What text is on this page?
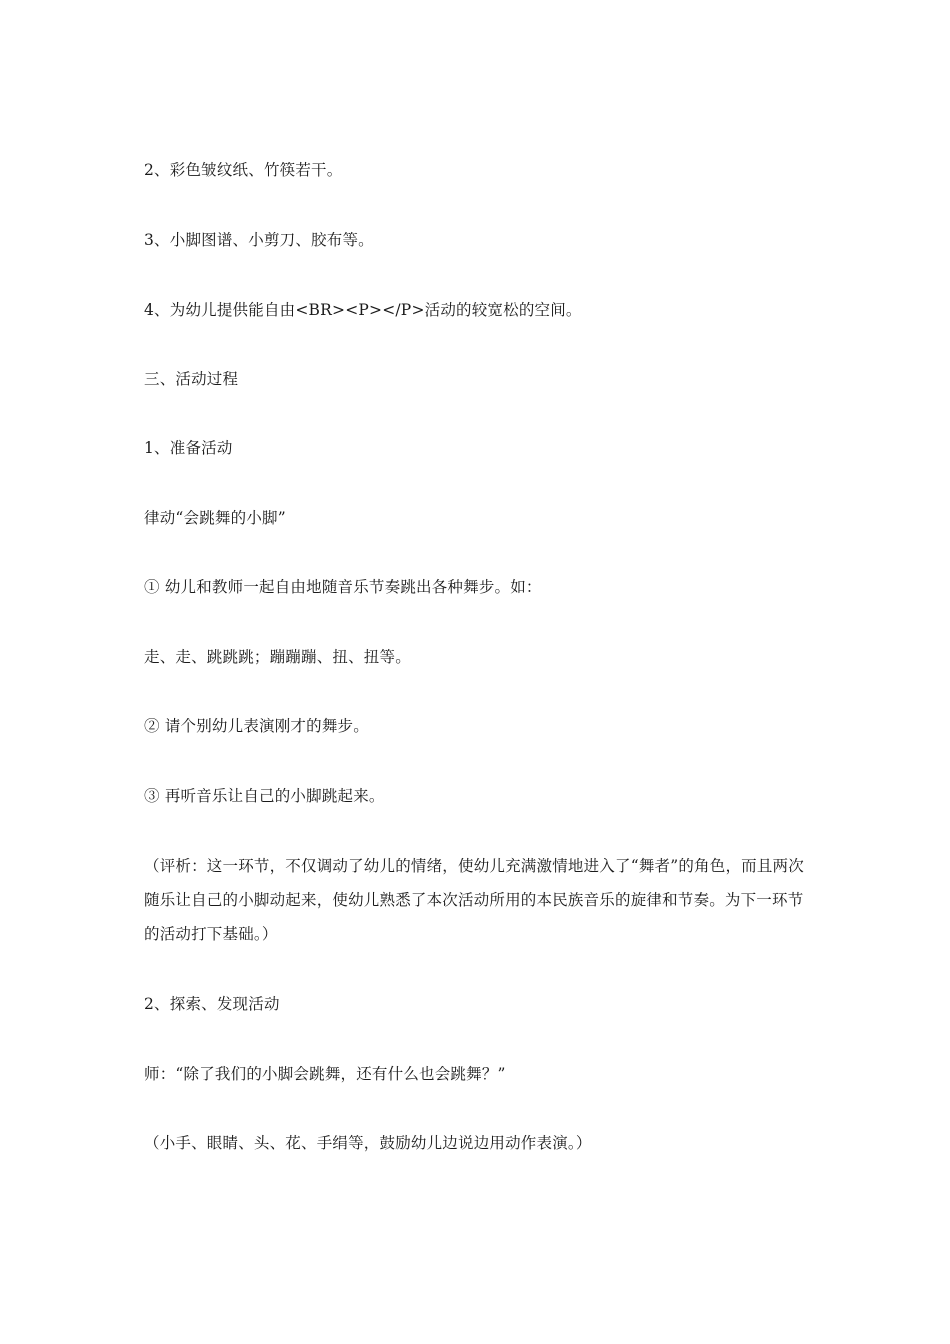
2、彩色皱纹纸、竹筷若干。

3、小脚图谱、小剪刀、胶布等。

4、为幼儿提供能自由<BR><P></P>活动的较宽松的空间。

三、活动过程

1、准备活动

律动“会跳舞的小脚”

① 幼儿和教师一起自由地随音乐节奏跳出各种舞步。如：

走、走、跳跳跳；蹦蹦蹦、扭、扭等。

② 请个别幼儿表演刚才的舞步。

③ 再听音乐让自己的小脚跳起来。

（评析：这一环节，不仅调动了幼儿的情绪，使幼儿充满激情地进入了“舞者”的角色，而且两次随乐让自己的小脚动起来，使幼儿熟悉了本次活动所用的本民族音乐的旋律和节奏。为下一环节的活动打下基础。）

2、探索、发现活动

师：“除了我们的小脚会跳舞，还有什么也会跳舞？”

（小手、眼睛、头、花、手绢等，鼓励幼儿边说边用动作表演。）
